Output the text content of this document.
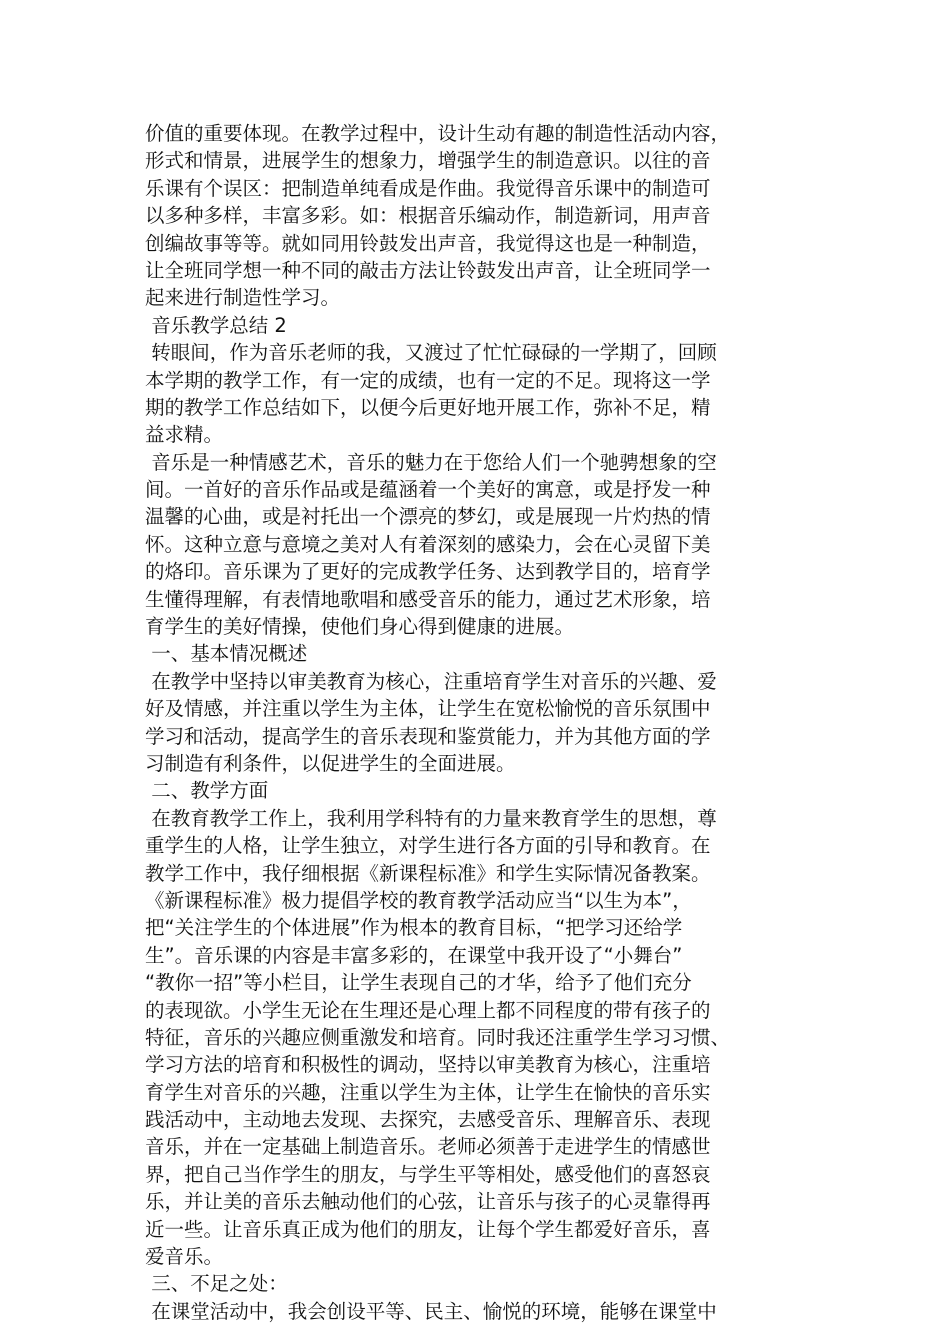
价值的重要体现。在教学过程中，设计生动有趣的制造性活动内容，
形式和情景，进展学生的想象力，增强学生的制造意识。以往的音
乐课有个误区：把制造单纯看成是作曲。我觉得音乐课中的制造可
以多种多样，丰富多彩。如：根据音乐编动作，制造新词，用声音
创编故事等等。就如同用铃鼓发出声音，我觉得这也是一种制造，
让全班同学想一种不同的敲击方法让铃鼓发出声音，让全班同学一
起来进行制造性学习。
音乐教学总结 2
转眼间，作为音乐老师的我，又渡过了忙忙碌碌的一学期了，回顾
本学期的教学工作，有一定的成绩，也有一定的不足。现将这一学
期的教学工作总结如下，以便今后更好地开展工作，弥补不足，精
益求精。
音乐是一种情感艺术，音乐的魅力在于您给人们一个驰骋想象的空
间。一首好的音乐作品或是蕴涵着一个美好的寓意，或是抒发一种
温馨的心曲，或是衬托出一个漂亮的梦幻，或是展现一片灼热的情
怀。这种立意与意境之美对人有着深刻的感染力，会在心灵留下美
的烙印。音乐课为了更好的完成教学任务、达到教学目的，培育学
生懂得理解，有表情地歌唱和感受音乐的能力，通过艺术形象，培
育学生的美好情操，使他们身心得到健康的进展。
一、基本情况概述
在教学中坚持以审美教育为核心，注重培育学生对音乐的兴趣、爱
好及情感，并注重以学生为主体，让学生在宽松愉悦的音乐氛围中
学习和活动，提高学生的音乐表现和鉴赏能力，并为其他方面的学
习制造有利条件，以促进学生的全面进展。
二、教学方面
在教育教学工作上，我利用学科特有的力量来教育学生的思想，尊
重学生的人格，让学生独立，对学生进行各方面的引导和教育。在
教学工作中，我仔细根据《新课程标准》和学生实际情况备教案。
《新课程标准》极力提倡学校的教育教学活动应当“以生为本”，
把“关注学生的个体进展”作为根本的教育目标，“把学习还给学
生”。音乐课的内容是丰富多彩的，在课堂中我开设了“小舞台”
“教你一招”等小栏目，让学生表现自己的才华，给予了他们充分
的表现欲。小学生无论在生理还是心理上都不同程度的带有孩子的
特征，音乐的兴趣应侧重激发和培育。同时我还注重学生学习习惯、
学习方法的培育和积极性的调动，坚持以审美教育为核心，注重培
育学生对音乐的兴趣，注重以学生为主体，让学生在愉快的音乐实
践活动中，主动地去发现、去探究，去感受音乐、理解音乐、表现
音乐，并在一定基础上制造音乐。老师必须善于走进学生的情感世
界，把自己当作学生的朋友，与学生平等相处，感受他们的喜怒哀
乐，并让美的音乐去触动他们的心弦，让音乐与孩子的心灵靠得再
近一些。让音乐真正成为他们的朋友，让每个学生都爱好音乐，喜
爱音乐。
三、不足之处：
在课堂活动中，我会创设平等、民主、愉悦的环境，能够在课堂中
